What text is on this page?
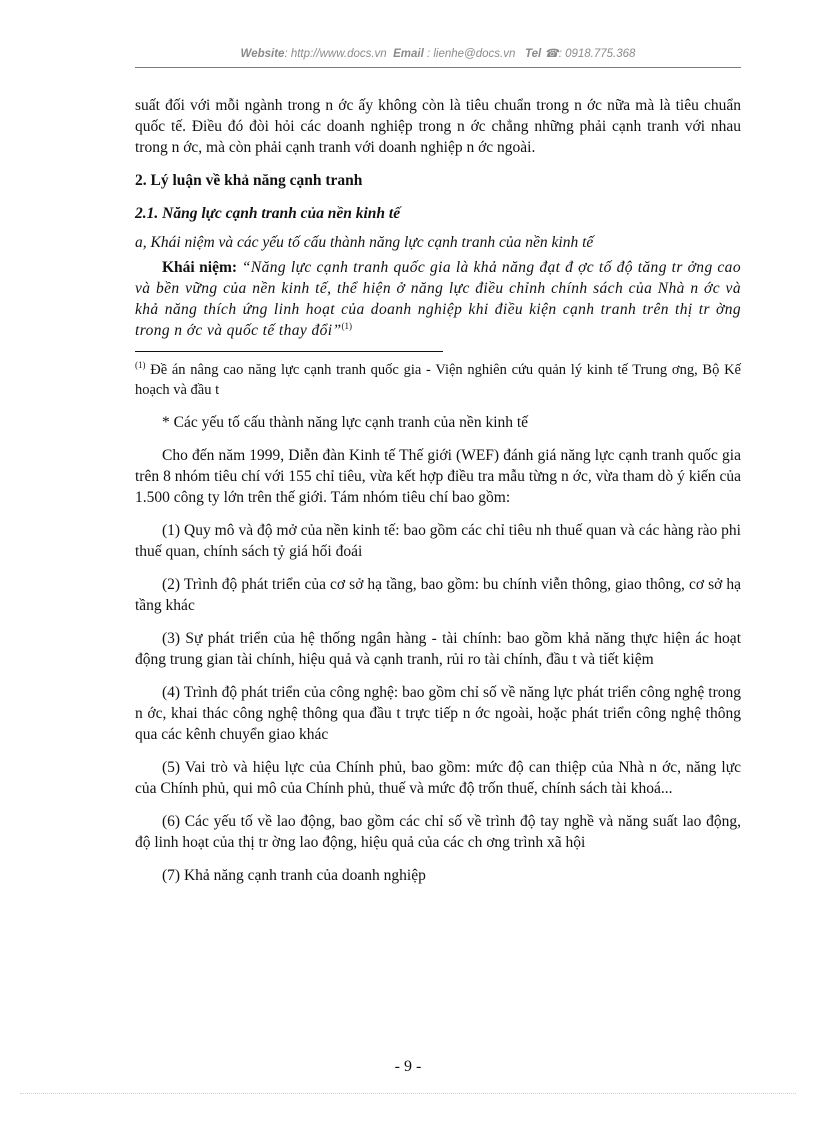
Website: http://www.docs.vn Email : lienhe@docs.vn Tel ☎: 0918.775.368

suất đối với mỗi ngành trong n ớc ấy không còn là tiêu chuẩn trong n ớc nữa mà là tiêu chuẩn quốc tế. Điều đó đòi hỏi các doanh nghiệp trong n ớc chẳng những phải cạnh tranh với nhau trong n ớc, mà còn phải cạnh tranh với doanh nghiệp n ớc ngoài.

2. Lý luận về khả năng cạnh tranh

2.1. Năng lực cạnh tranh của nền kinh tế

a, Khái niệm và các yếu tố cấu thành năng lực cạnh tranh của nền kinh tế

Khái niệm: “Năng lực cạnh tranh quốc gia là khả năng đạt đ ợc tố độ tăng tr ởng cao và bền vững của nền kinh tế, thể hiện ở năng lực điều chỉnh chính sách của Nhà n ớc và khả năng thích ứng linh hoạt của doanh nghiệp khi điều kiện cạnh tranh trên thị tr ờng trong n ớc và quốc tế thay đổi”$^{(1)}$

$^{(1)}$ Đề án nâng cao năng lực cạnh tranh quốc gia - Viện nghiên cứu quản lý kinh tế Trung ơng, Bộ Kế hoạch và đầu t

* Các yếu tố cấu thành năng lực cạnh tranh của nền kinh tế

Cho đến năm 1999, Diễn đàn Kinh tế Thế giới (WEF) đánh giá năng lực cạnh tranh quốc gia trên 8 nhóm tiêu chí với 155 chỉ tiêu, vừa kết hợp điều tra mẫu từng n ớc, vừa tham dò ý kiến của 1.500 công ty lớn trên thế giới. Tám nhóm tiêu chí bao gồm:

(1) Quy mô và độ mở của nền kinh tế: bao gồm các chỉ tiêu nh thuế quan và các hàng rào phi thuế quan, chính sách tỷ giá hối đoái

(2) Trình độ phát triển của cơ sở hạ tầng, bao gồm: bu chính viễn thông, giao thông, cơ sở hạ tầng khác

(3) Sự phát triển của hệ thống ngân hàng - tài chính: bao gồm khả năng thực hiện ác hoạt động trung gian tài chính, hiệu quả và cạnh tranh, rủi ro tài chính, đầu t và tiết kiệm

(4) Trình độ phát triển của công nghệ: bao gồm chỉ số về năng lực phát triển công nghệ trong n ớc, khai thác công nghệ thông qua đầu t trực tiếp n ớc ngoài, hoặc phát triển công nghệ thông qua các kênh chuyển giao khác

(5) Vai trò và hiệu lực của Chính phủ, bao gồm: mức độ can thiệp của Nhà n ớc, năng lực của Chính phủ, qui mô của Chính phủ, thuế và mức độ trốn thuế, chính sách tài khoá...

(6) Các yếu tố về lao động, bao gồm các chỉ số về trình độ tay nghề và năng suất lao động, độ linh hoạt của thị tr ờng lao động, hiệu quả của các ch ơng trình xã hội

(7) Khả năng cạnh tranh của doanh nghiệp

- 9 -
